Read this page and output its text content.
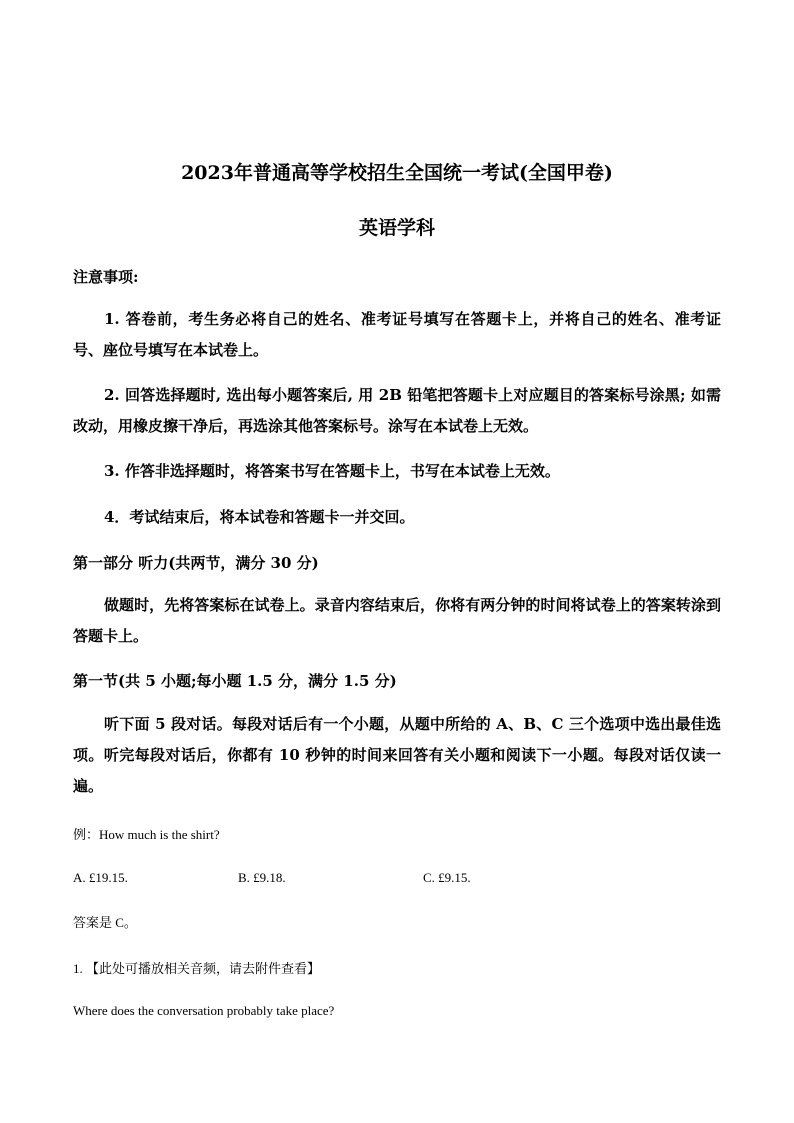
2023年普通高等学校招生全国统一考试(全国甲卷)
英语学科
注意事项:
1. 答卷前，考生务必将自己的姓名、准考证号填写在答题卡上，并将自己的姓名、准考证号、座位号填写在本试卷上。
2. 回答选择题时, 选出每小题答案后, 用 2B 铅笔把答题卡上对应题目的答案标号涂黑; 如需改动，用橡皮擦干净后，再选涂其他答案标号。涂写在本试卷上无效。
3. 作答非选择题时，将答案书写在答题卡上，书写在本试卷上无效。
4．考试结束后，将本试卷和答题卡一并交回。
第一部分 听力(共两节，满分 30 分)
做题时，先将答案标在试卷上。录音内容结束后，你将有两分钟的时间将试卷上的答案转涂到答题卡上。
第一节(共 5 小题;每小题 1.5 分，满分 1.5 分)
听下面 5 段对话。每段对话后有一个小题，从题中所给的 A、B、C 三个选项中选出最佳选项。听完每段对话后，你都有 10 秒钟的时间来回答有关小题和阅读下一小题。每段对话仅读一遍。
例：How much is the shirt?
A. £19.15.	B. £9.18.	C. £9.15.
答案是 C。
1. 【此处可播放相关音频，请去附件查看】
Where does the conversation probably take place?
